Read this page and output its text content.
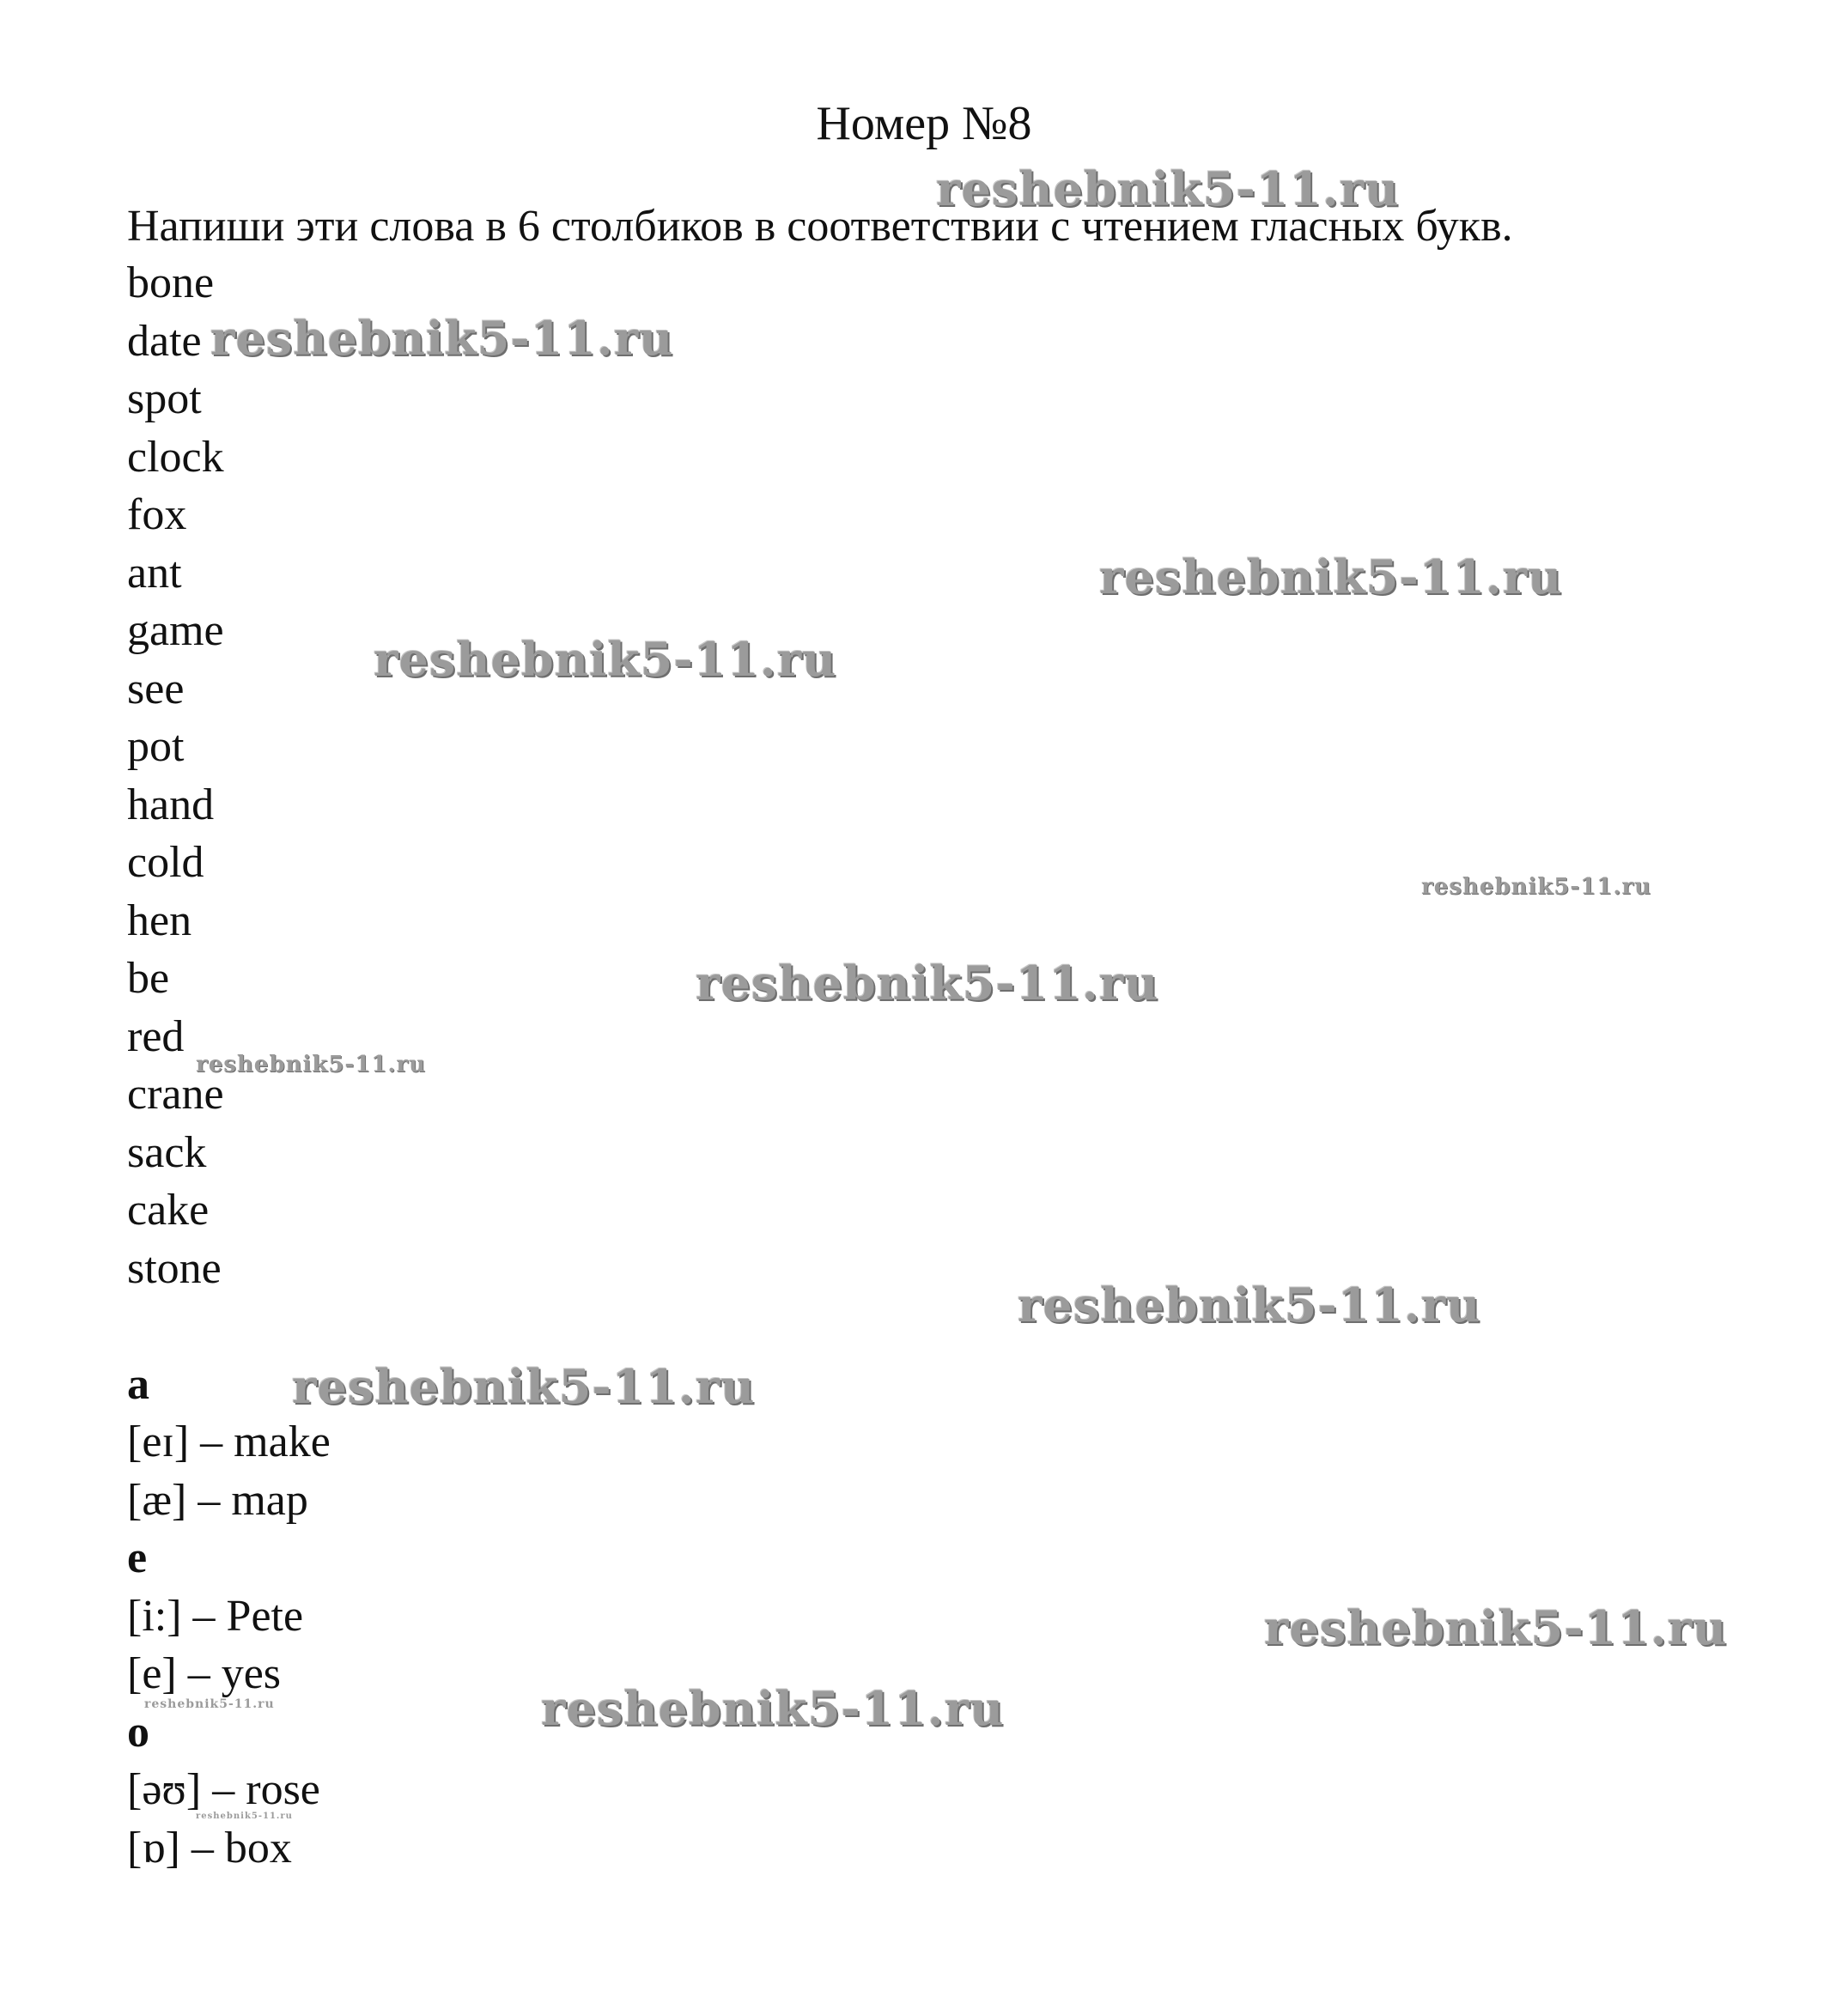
Номер №8
Напиши эти слова в 6 столбиков в соответствии с чтением гласных букв.
bone
date
spot
clock
fox
ant
game
see
pot
hand
cold
hen
be
red
crane
sack
cake
stone
a
[eɪ] – make
[æ] – map
e
[i:] – Pete
[e] – yes
o
[əʊ] – rose
[ɒ] – box
reshebnik5-11.ru
reshebnik5-11.ru
reshebnik5-11.ru
reshebnik5-11.ru
reshebnik5-11.ru
reshebnik5-11.ru
reshebnik5-11.ru
reshebnik5-11.ru
reshebnik5-11.ru
reshebnik5-11.ru
reshebnik5-11.ru
reshebnik5-11.ru
reshebnik5-11.ru
